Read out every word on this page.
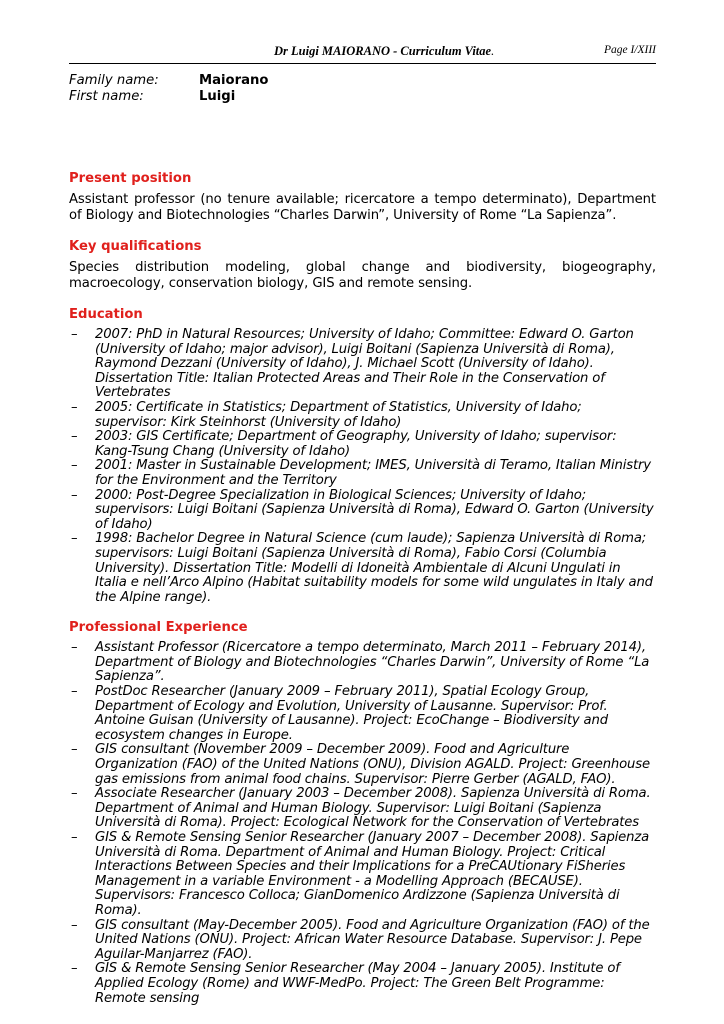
Dr Luigi MAIORANO - Curriculum Vitae.	Page I/XIII
Family name:	Maiorano
First name:	Luigi
Present position

Assistant professor (no tenure available; ricercatore a tempo determinato), Department of Biology and Biotechnologies “Charles Darwin”, University of Rome “La Sapienza”.

Key qualifications

Species distribution modeling, global change and biodiversity, biogeography, macroecology, conservation biology, GIS and remote sensing.

Education
– 2007: PhD in Natural Resources; University of Idaho; Committee: Edward O. Garton (University of Idaho; major advisor), Luigi Boitani (Sapienza Università di Roma), Raymond Dezzani (University of Idaho), J. Michael Scott (University of Idaho). Dissertation Title: Italian Protected Areas and Their Role in the Conservation of Vertebrates
– 2005: Certificate in Statistics; Department of Statistics, University of Idaho; supervisor: Kirk Steinhorst (University of Idaho)
– 2003: GIS Certificate; Department of Geography, University of Idaho; supervisor: Kang-Tsung Chang (University of Idaho)
– 2001: Master in Sustainable Development; IMES, Università di Teramo, Italian Ministry for the Environment and the Territory
– 2000: Post-Degree Specialization in Biological Sciences; University of Idaho; supervisors: Luigi Boitani (Sapienza Università di Roma), Edward O. Garton (University of Idaho)
– 1998: Bachelor Degree in Natural Science (cum laude); Sapienza Università di Roma; supervisors: Luigi Boitani (Sapienza Università di Roma), Fabio Corsi (Columbia University). Dissertation Title: Modelli di Idoneità Ambientale di Alcuni Ungulati in Italia e nell’Arco Alpino (Habitat suitability models for some wild ungulates in Italy and the Alpine range).
Professional Experience
– Assistant Professor (Ricercatore a tempo determinato, March 2011 – February 2014), Department of Biology and Biotechnologies “Charles Darwin”, University of Rome “La Sapienza”.
– PostDoc Researcher (January 2009 – February 2011), Spatial Ecology Group, Department of Ecology and Evolution, University of Lausanne. Supervisor: Prof. Antoine Guisan (University of Lausanne). Project: EcoChange – Biodiversity and ecosystem changes in Europe.
– GIS consultant (November 2009 – December 2009). Food and Agriculture Organization (FAO) of the United Nations (ONU), Division AGALD. Project: Greenhouse gas emissions from animal food chains. Supervisor: Pierre Gerber (AGALD, FAO).
– Associate Researcher (January 2003 – December 2008). Sapienza Università di Roma. Department of Animal and Human Biology. Supervisor: Luigi Boitani (Sapienza Università di Roma). Project: Ecological Network for the Conservation of Vertebrates
– GIS & Remote Sensing Senior Researcher (January 2007 – December 2008). Sapienza Università di Roma. Department of Animal and Human Biology. Project: Critical Interactions Between Species and their Implications for a PreCAUtionary FiSheries Management in a variable Environment - a Modelling Approach (BECAUSE). Supervisors: Francesco Colloca; GianDomenico Ardizzone (Sapienza Università di Roma).
– GIS consultant (May-December 2005). Food and Agriculture Organization (FAO) of the United Nations (ONU). Project: African Water Resource Database. Supervisor: J. Pepe Aguilar-Manjarrez (FAO).
– GIS & Remote Sensing Senior Researcher (May 2004 – January 2005). Institute of Applied Ecology (Rome) and WWF-MedPo. Project: The Green Belt Programme: Remote sensing
